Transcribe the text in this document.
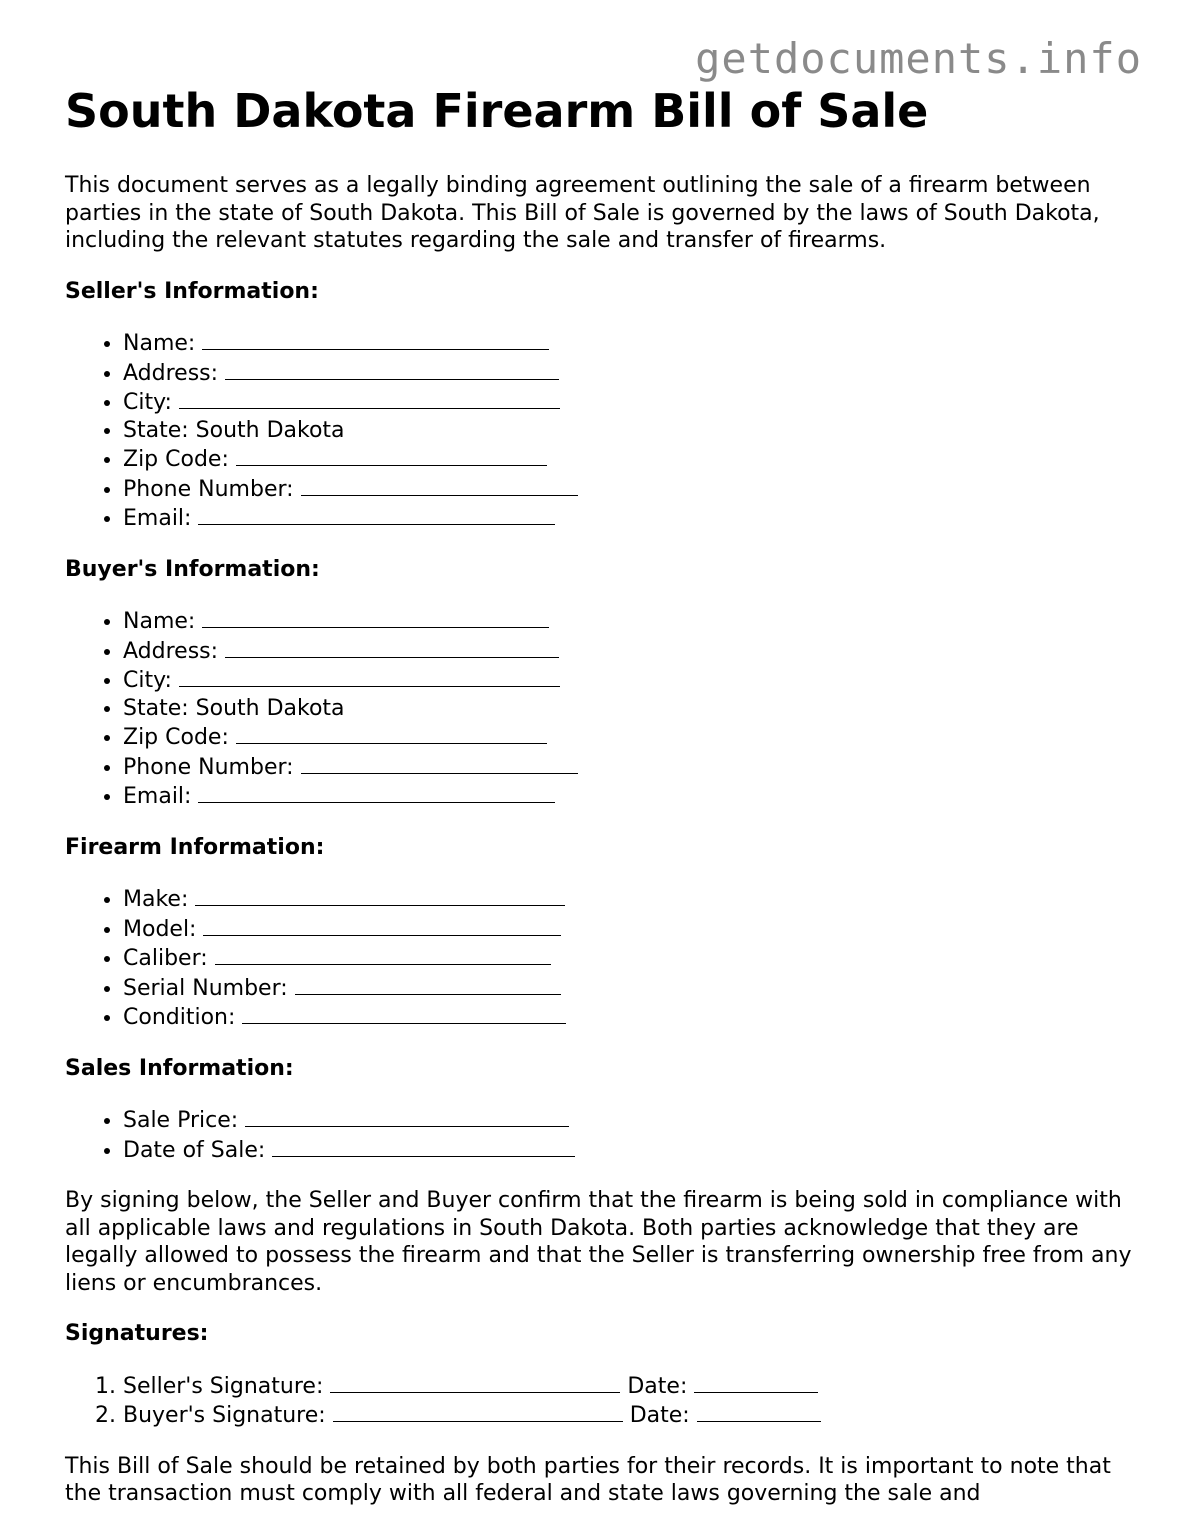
getdocuments.info
South Dakota Firearm Bill of Sale

This document serves as a legally binding agreement outlining the sale of a firearm between parties in the state of South Dakota. This Bill of Sale is governed by the laws of South Dakota, including the relevant statutes regarding the sale and transfer of firearms.

Seller's Information:
• Name:
• Address:
• City:
• State: South Dakota
• Zip Code:
• Phone Number:
• Email:
Buyer's Information:
• Name:
• Address:
• City:
• State: South Dakota
• Zip Code:
• Phone Number:
• Email:
Firearm Information:
• Make:
• Model:
• Caliber:
• Serial Number:
• Condition:
Sales Information:
• Sale Price:
• Date of Sale:

By signing below, the Seller and Buyer confirm that the firearm is being sold in compliance with all applicable laws and regulations in South Dakota. Both parties acknowledge that they are legally allowed to possess the firearm and that the Seller is transferring ownership free from any liens or encumbrances.

Signatures:
1. Seller's Signature:	Date:
2. Buyer's Signature:	Date:

This Bill of Sale should be retained by both parties for their records. It is important to note that the transaction must comply with all federal and state laws governing the sale and
